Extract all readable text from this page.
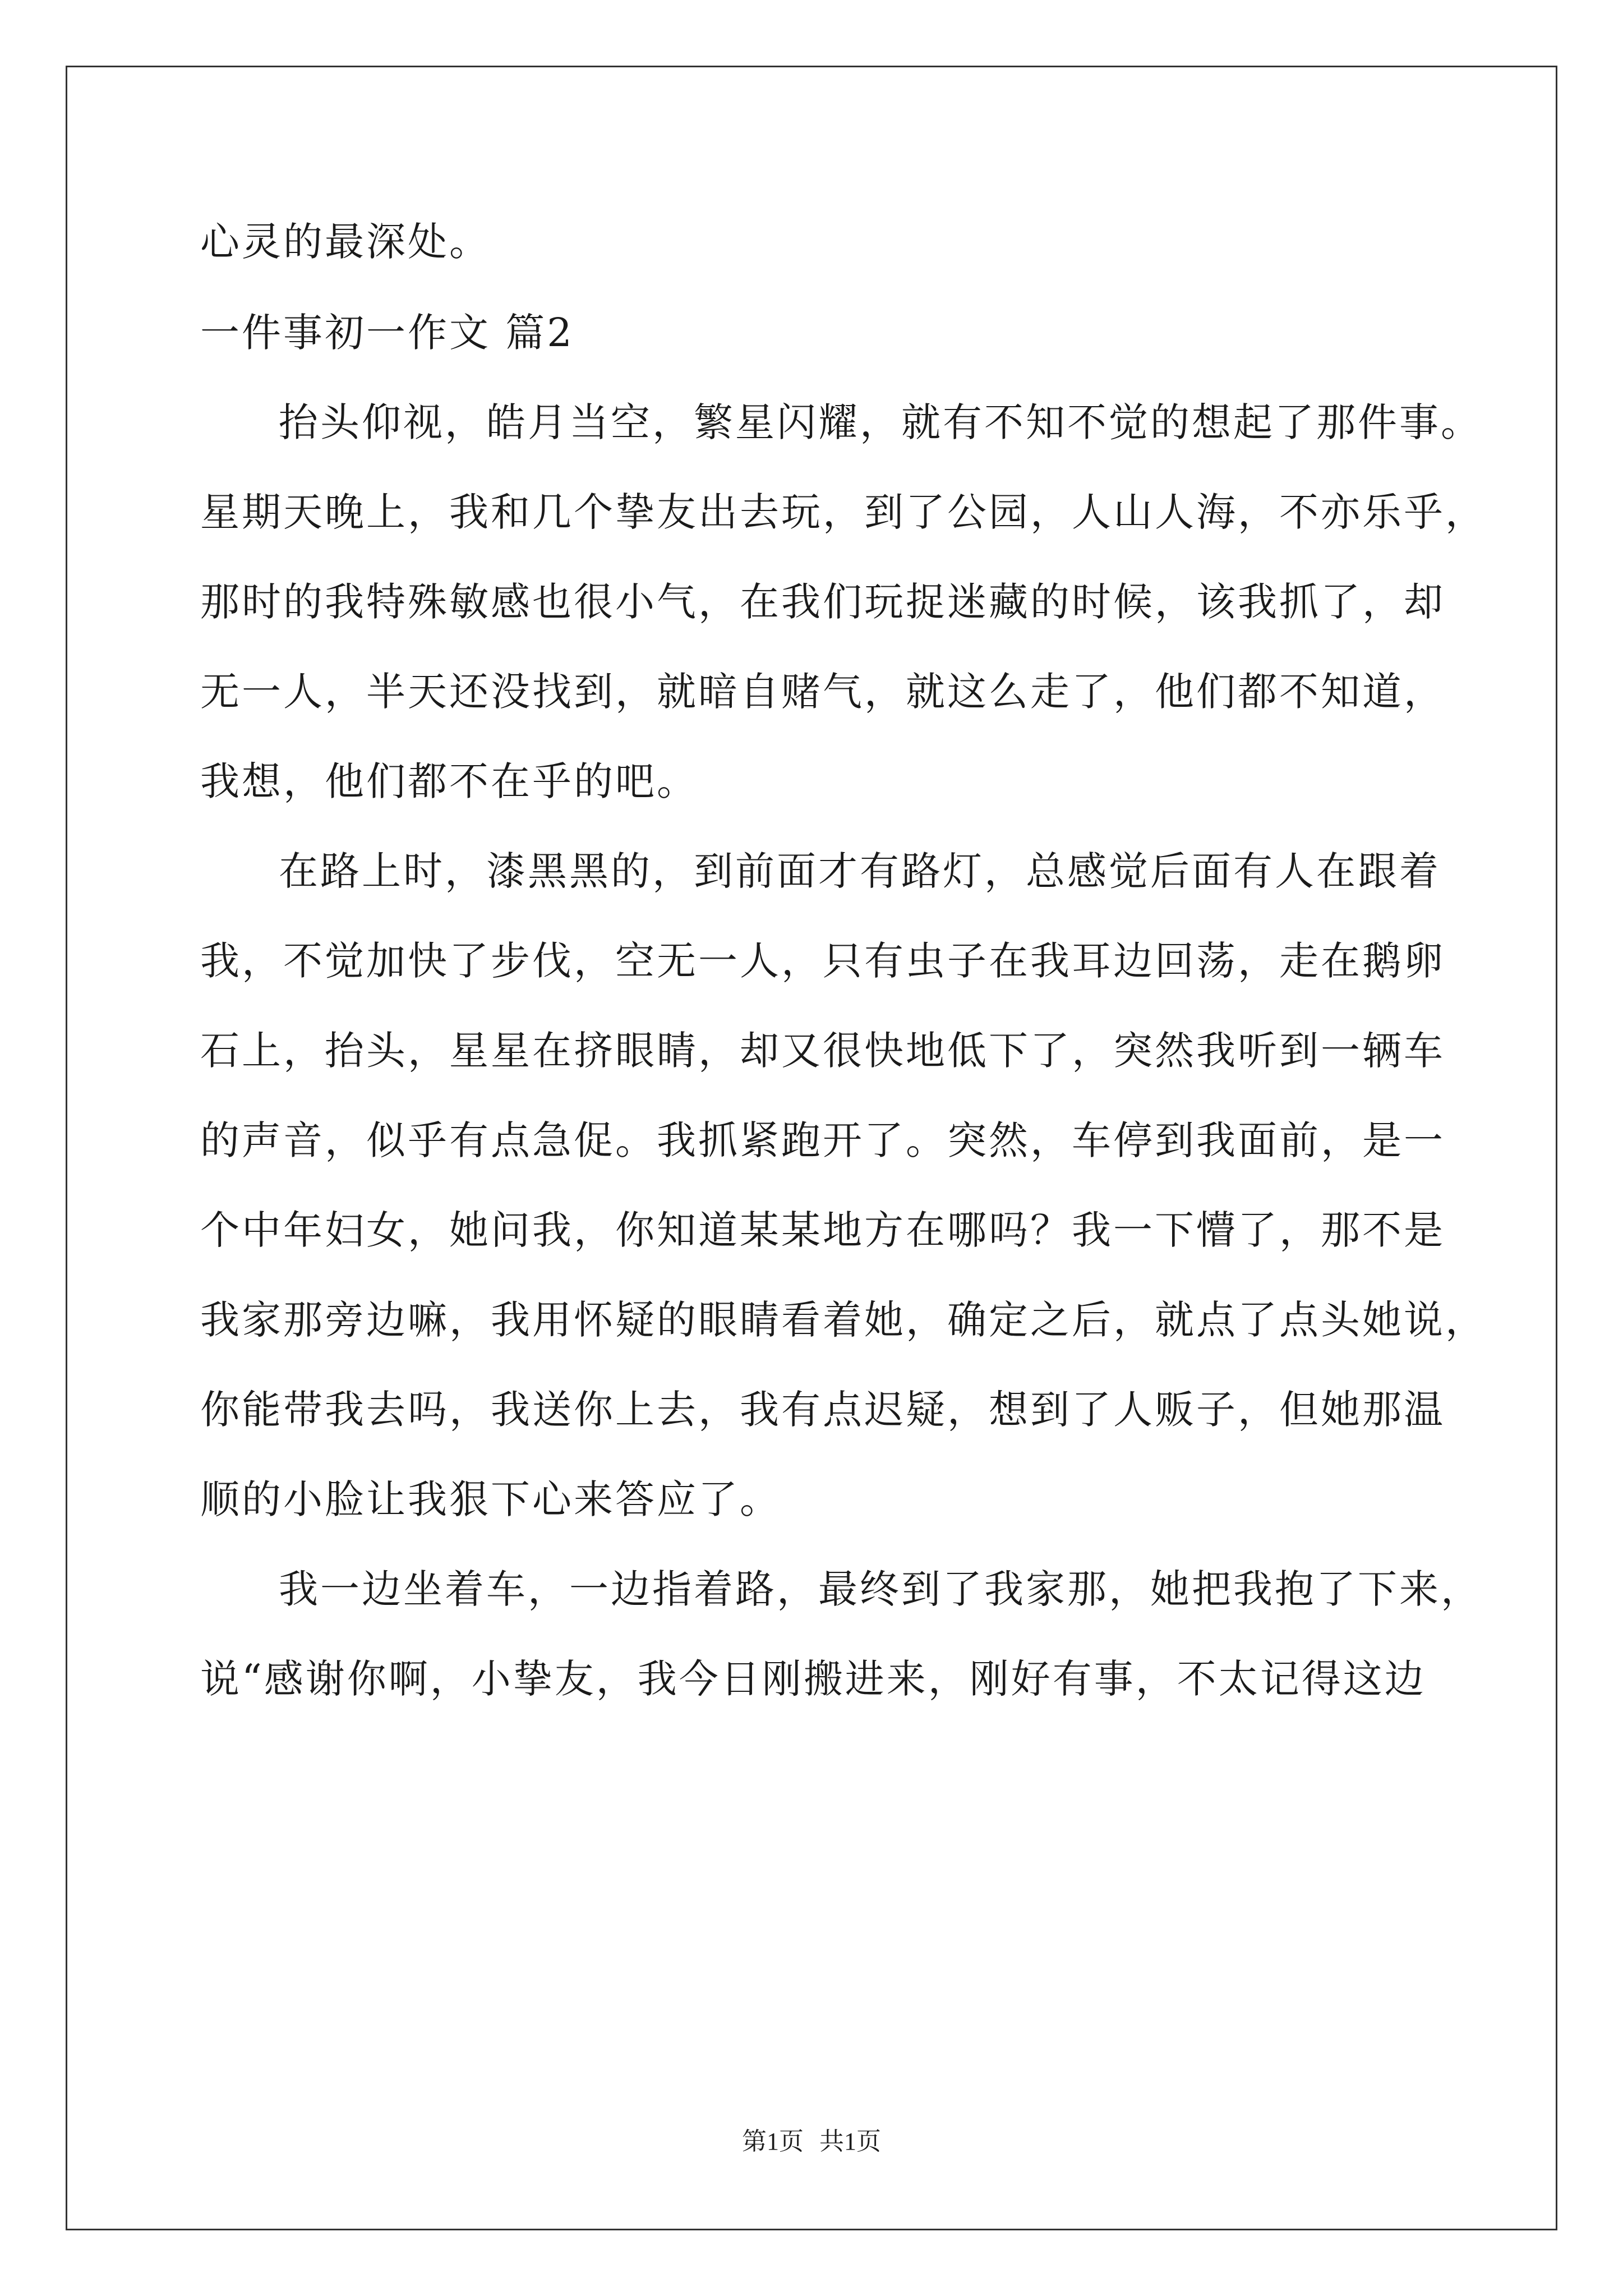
心灵的最深处。

一件事初一作文 篇2

抬头仰视，皓月当空，繁星闪耀，就有不知不觉的想起了那件事。

星期天晚上，我和几个挚友出去玩，到了公园，人山人海，不亦乐乎，

那时的我特殊敏感也很小气，在我们玩捉迷藏的时候，该我抓了，却

无一人，半天还没找到，就暗自赌气，就这么走了，他们都不知道，

我想，他们都不在乎的吧。

在路上时，漆黑黑的，到前面才有路灯，总感觉后面有人在跟着

我，不觉加快了步伐，空无一人，只有虫子在我耳边回荡，走在鹅卵

石上，抬头，星星在挤眼睛，却又很快地低下了，突然我听到一辆车

的声音，似乎有点急促。我抓紧跑开了。突然，车停到我面前，是一

个中年妇女，她问我，你知道某某地方在哪吗？我一下懵了，那不是

我家那旁边嘛，我用怀疑的眼睛看着她，确定之后，就点了点头她说，

你能带我去吗，我送你上去，我有点迟疑，想到了人贩子，但她那温

顺的小脸让我狠下心来答应了。

我一边坐着车，一边指着路，最终到了我家那，她把我抱了下来，

说“感谢你啊，小挚友，我今日刚搬进来，刚好有事，不太记得这边

第1页 共1页
